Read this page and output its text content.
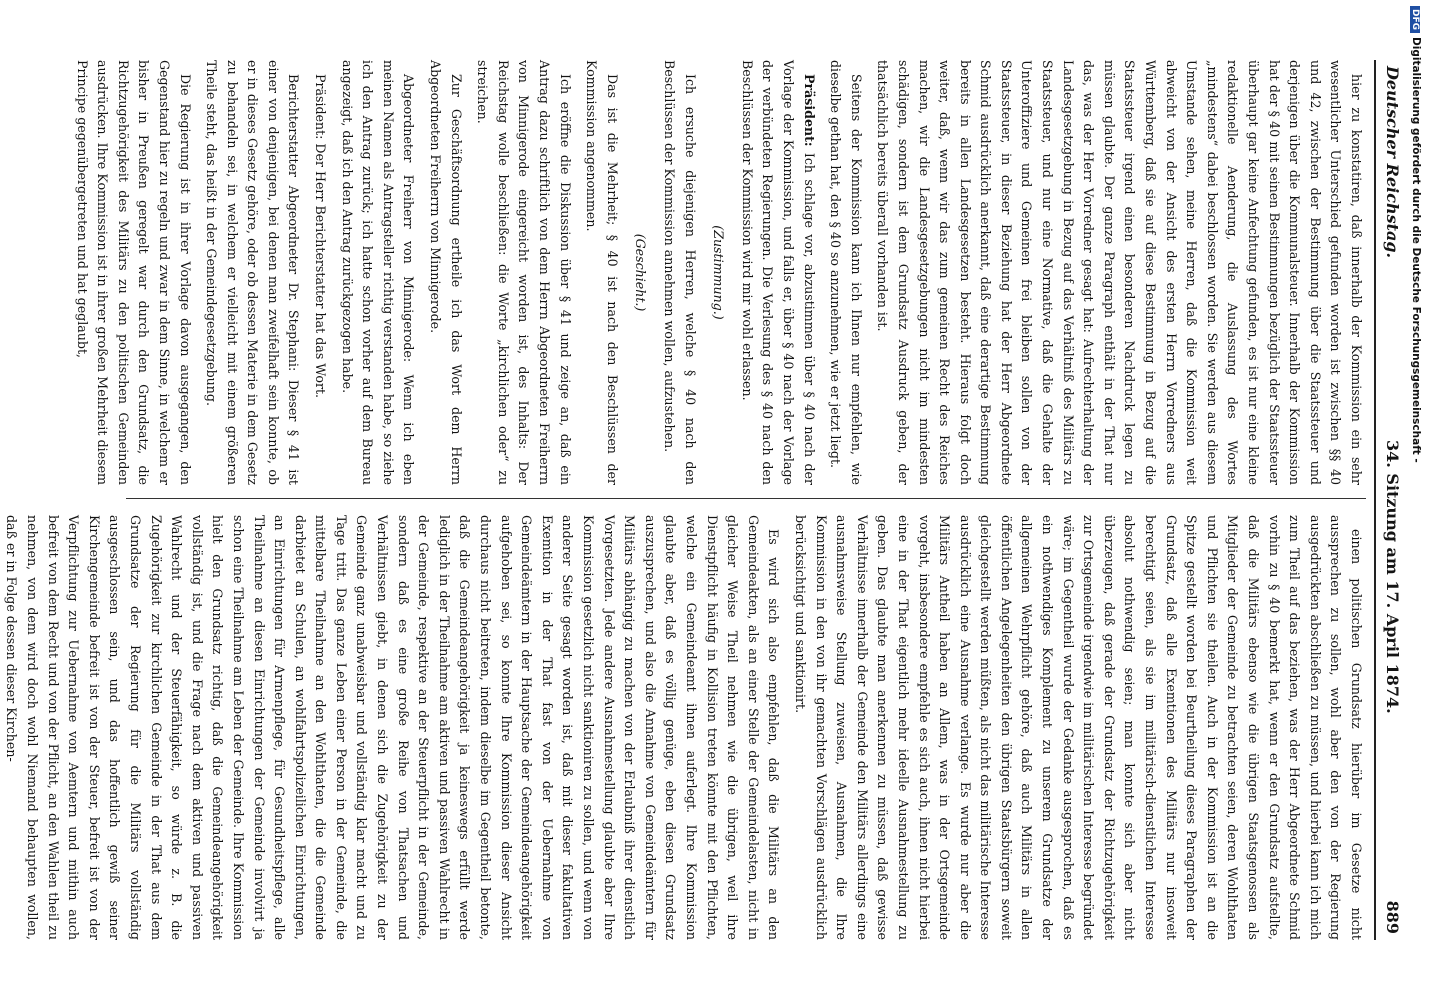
Deutscher Reichstag.
34. Sitzung am 17. April 1874.
889

hier zu konstatiren, daß innerhalb der Kommission ein sehr wesentlicher Unterschied gefunden worden ist zwischen §§ 40 und 42, zwischen der Bestimmung über die Staatssteuer und derjenigen über die Kommunalsteuer. Innerhalb der Kommission hat der § 40 mit seinen Bestimmungen bezüglich der Staatssteuer überhaupt gar keine Anfechtung gefunden, es ist nur eine kleine redaktionelle Aenderung, die Auslassung des Wortes „mindestens“ dabei beschlossen worden. Sie werden aus diesem Umstande sehen, meine Herren, daß die Kommission weit abweicht von der Ansicht des ersten Herrn Vorredners aus Württemberg, daß sie auf diese Bestimmung in Bezug auf die Staatssteuer irgend einen besonderen Nachdruck legen zu müssen glaubte. Der ganze Paragraph enthält in der That nur das, was der Herr Vorredner gesagt hat: Aufrechterhaltung der Landesgesetzgebung in Bezug auf das Verhältniß des Militärs zu Staatssteuer, und nur eine Normative, daß die Gehalte der Unteroffiziere und Gemeinen frei bleiben sollen von der Staatssteuer, in dieser Beziehung hat der Herr Abgeordnete Schmid ausdrücklich anerkannt, daß eine derartige Bestimmung bereits in allen Landesgesetzen besteht. Hieraus folgt doch weiter, daß, wenn wir das zum gemeinen Recht des Reiches machen, wir die Landesgesetzgebungen nicht im mindesten schädigen, sondern ist dem Grundsatz Ausdruck geben, der thatsächlich bereits überall vorhanden ist.

Seitens der Kommission kann ich Ihnen nur empfehlen, wie dieselbe gethan hat, den § 40 so anzunehmen, wie er jetzt liegt.

Präsident: Ich schlage vor, abzustimmen über § 40 nach der Vorlage der Kommission, und falls er, über § 40 nach der Vorlage der verbündeten Regierungen. Die Verlesung des § 40 nach den Beschlüssen der Kommission wird mir wohl erlassen.

(Zustimmung.)

Ich ersuche diejenigen Herren, welche § 40 nach den Beschlüssen der Kommission annehmen wollen, aufzustehen.

(Geschieht.)

Das ist die Mehrheit; § 40 ist nach den Beschlüssen der Kommission angenommen.

Ich eröffne die Diskussion über § 41 und zeige an, daß ein Antrag dazu schriftlich von dem Herrn Abgeordneten Freiherrn von Minnigerode eingereicht worden ist, des Inhalts: Der Reichstag wolle beschließen: die Worte „kirchlichen oder“ zu streichen.

Zur Geschäftsordnung ertheile ich das Wort dem Herrn Abgeordneten Freiherrn von Minnigerode.

Abgeordneter Freiherr von Minnigerode: Wenn ich eben meinen Namen als Antragsteller richtig verstanden habe, so ziehe ich den Antrag zurück; ich hatte schon vorher auf dem Bureau angezeigt, daß ich den Antrag zurückgezogen habe.

Präsident: Der Herr Berichterstatter hat das Wort.

Berichterstatter Abgeordneter Dr. Stephani: Dieser § 41 ist einer von denjenigen, bei denen man zweifelhaft sein konnte, ob er in dieses Gesetz gehöre, oder ob dessen Materie in dem Gesetz zu behandeln sei, in welchem er vielleicht mit einem größeren Theile steht, das heißt in der Gemeindegesetzgebung.

Die Regierung ist in ihrer Vorlage davon ausgegangen, den Gegenstand hier zu regeln und zwar in dem Sinne, in welchem er bisher in Preußen geregelt war durch den Grundsatz, die Richtzugehörigkeit des Militärs zu den politischen Gemeinden ausdrücken. Ihre Kommission ist in ihrer großen Mehrheit diesem Principe gegenübergetreten und hat geglaubt,

einen politischen Grundsatz hierüber im Gesetze nicht aussprechen zu sollen, wohl aber den von der Regierung ausgedrückten abschließen zu müssen, und hierbei kann ich mich zum Theil auf das beziehen, was der Herr Abgeordnete Schmid vorhin zu § 40 bemerkt hat, wenn er den Grundsatz aufstellte, daß die Militärs ebenso wie die übrigen Staatsgenossen als Mitglieder der Gemeinde zu betrachten seien, deren Wohlthaten und Pflichten sie theilen. Auch in der Kommission ist an die Spitze gestellt worden bei Beurtheilung dieses Paragraphen der Grundsatz, daß alle Exemtionen des Militärs nur insoweit berechtigt seien, als sie im militärisch-dienstlichen Interesse absolut nothwendig seien; man konnte sich aber nicht überzeugen, daß gerade der Grundsatz der Richtzugehörigkeit zur Ortsgemeinde irgendwie im militärischen Interesse begründet wäre; im Gegentheil wurde der Gedanke ausgesprochen, daß es ein nothwendiges Komplement zu unserem Grundsatze der allgemeinen Wehrpflicht gehöre, daß auch Militärs in allen öffentlichen Angelegenheiten den übrigen Staatsbürgern soweit gleichgestellt werden müßten, als nicht das militärische Interesse ausdrücklich eine Ausnahme verlange. Es wurde nur aber die Militärs Antheil haben an Allem, was in der Ortsgemeinde vorgeht, insbesondere empfehle es sich auch, ihnen nicht hierbei eine in der That eigentlich mehr ideelle Ausnahmestellung zu geben. Das glaubte man anerkennen zu müssen, daß gewisse Verhältnisse innerhalb der Gemeinde den Militärs allerdings eine ausnahmsweise Stellung zuweisen, Ausnahmen, die Ihre Kommission in den von ihr gemachten Vorschlägen ausdrücklich berücksichtigt und sanktionirt.

Es wird sich also empfehlen, daß die Militärs an den Gemeindeakten, als an einer Stelle der Gemeindelasten, nicht in gleicher Weise Theil nehmen wie die übrigen, weil ihre Dienstpflicht häufig in Kollision treten könnte mit den Pflichten, welche ein Gemeindeamt ihnen auferlegt. Ihre Kommission glaubte aber, daß es völlig genüge, eben diesen Grundsatz auszusprechen, und also die Annahme von Gemeindeämtern für Militärs abhängig zu machen von der Erlaubniß ihrer dienstlich Vorgesetzten. Jede andere Ausnahmestellung glaubte aber Ihre Kommission gesetzlich nicht sanktioniren zu sollen, und wenn von anderer Seite gesagt worden ist, daß mit dieser fakultativen Exemtion in der That fast von der Uebernahme von Gemeindeämtern in der Hauptsache der Gemeindeangehörigkeit aufgehoben sei, so konnte Ihre Kommission dieser Ansicht durchaus nicht beitreten, indem dieselbe im Gegentheil betonte, daß die Gemeindeangehörigkeit ja keineswegs erfüllt werde lediglich in der Theilnahme am aktiven und passiven Wahlrecht in der Gemeinde, respektive an der Steuerpflicht in der Gemeinde, sondern daß es eine große Reihe von Thatsachen und Verhältnissen giebt, in denen sich die Zugehörigkeit zu der Gemeinde ganz unabweisbar und vollständig klar macht und zu Tage tritt. Das ganze Leben einer Person in der Gemeinde, die mittelbare Theilnahme an den Wohlthaten, die die Gemeinde darbietet an Schulen, an wohlfahrtspolizeilichen Einrichtungen, an Einrichtungen für Armenpflege, für Gesundheitspflege, alle Theilnahme an diesen Einrichtungen der Gemeinde involvirt ja schon eine Theilnahme am Leben der Gemeinde. Ihre Kommission hielt den Grundsatz richtig, daß die Gemeindeangehörigkeit vollständig ist, und die Frage nach dem aktiven und passiven Wahlrecht und der Steuerfähigkeit, so würde z. B. die Zugehörigkeit zur kirchlichen Gemeinde in der That aus dem Grundsatze der Regierung für die Militärs vollständig ausgeschlossen sein, und das hoffentlich gewiß seiner Kirchengemeinde befreit ist von der Steuer, befreit ist von der Verpflichtung zur Uebernahme von Aemtern und mithin auch befreit von dem Recht und von der Pflicht, an den Wahlen theil zu nehmen, von dem wird doch wohl Niemand behaupten wollen, daß er in Folge dessen dieser Kirchen-

DFGDigitalisierung gefördert durch die Deutsche Forschungsgemeinschaft -
